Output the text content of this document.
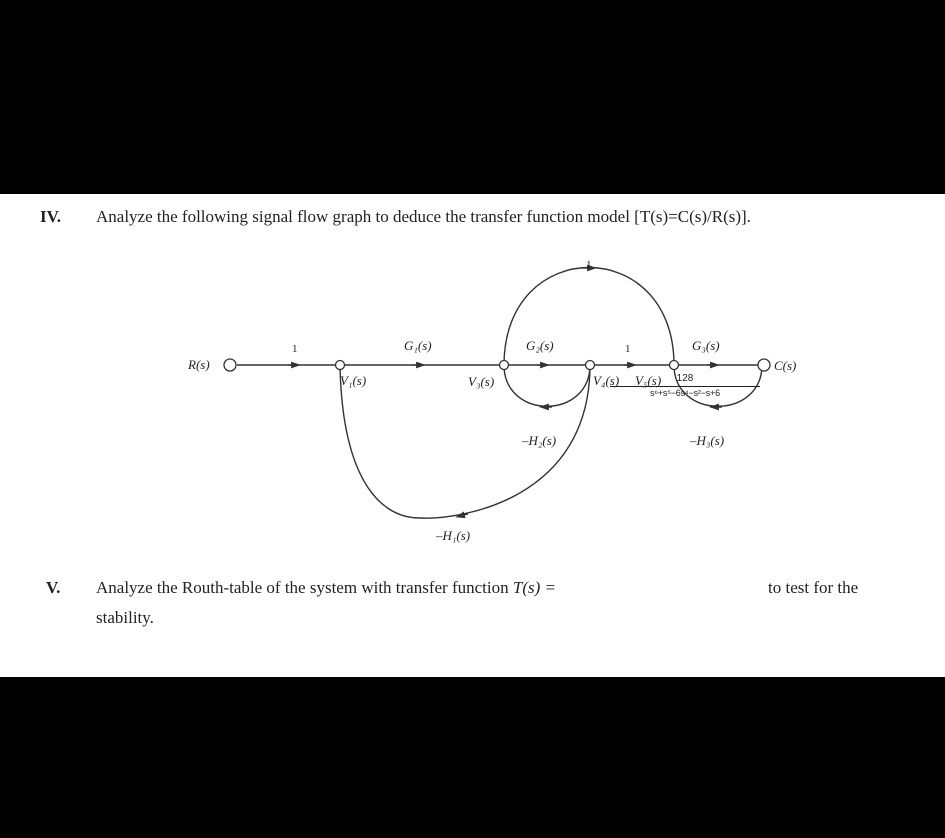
IV. Analyze the following signal flow graph to deduce the transfer function model [T(s)=C(s)/R(s)].
R(s)
V₁(s)	V₃(s)	V₄(s) V₅(s)
C(s)
1	G₁(s)	G₂(s)	1	G₃(s)
1
–H₂(s)	–H₃(s)
–H₁(s)
V. Analyze the Routh-table of the system with transfer function T(s) =
128
s⁶+s⁵−6s⁴−s²−s+6
to test for the
stability.
